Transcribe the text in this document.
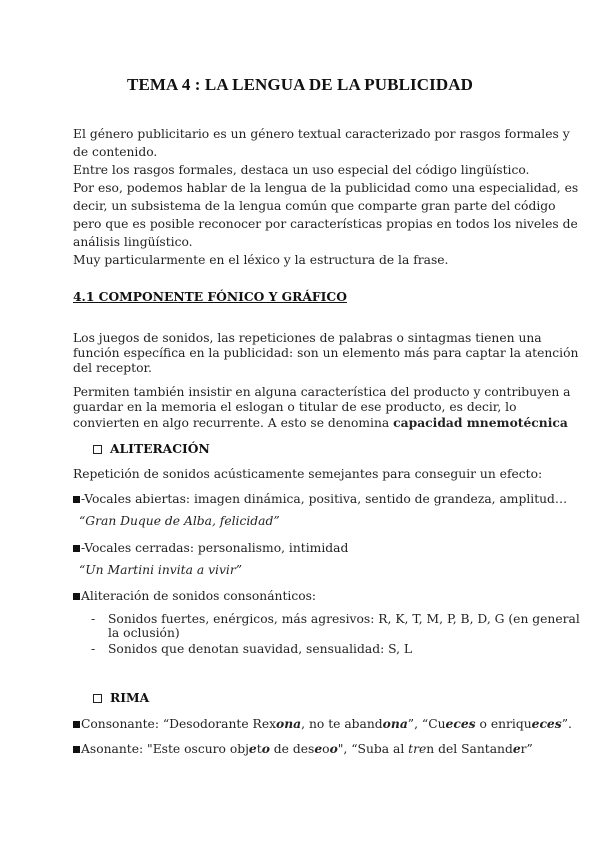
TEMA 4 : LA LENGUA DE LA PUBLICIDAD
El género publicitario es un género textual caracterizado por rasgos formales y
de contenido.
Entre los rasgos formales, destaca un uso especial del código lingüístico.
Por eso, podemos hablar de la lengua de la publicidad como una especialidad, es
decir, un subsistema de la lengua común que comparte gran parte del código
pero que es posible reconocer por características propias en todos los niveles de
análisis lingüístico.
Muy particularmente en el léxico y la estructura de la frase.
4.1 COMPONENTE FÓNICO Y GRÁFICO
Los juegos de sonidos, las repeticiones de palabras o sintagmas tienen una
función específica en la publicidad: son un elemento más para captar la atención
del receptor.
Permiten también insistir en alguna característica del producto y contribuyen a
guardar en la memoria el eslogan o titular de ese producto, es decir, lo
convierten en algo recurrente. A esto se denomina capacidad mnemotécnica
ALITERACIÓN
Repetición de sonidos acústicamente semejantes para conseguir un efecto:
-Vocales abiertas: imagen dinámica, positiva, sentido de grandeza, amplitud…
“Gran Duque de Alba, felicidad”
-Vocales cerradas: personalismo, intimidad
“Un Martini invita a vivir”
Aliteración de sonidos consonánticos:
- Sonidos fuertes, enérgicos, más agresivos: R, K, T, M, P, B, D, G (en general
la oclusión)
- Sonidos que denotan suavidad, sensualidad: S, L
RIMA
Consonante: “Desodorante Rexona, no te abandona”, “Cueces o enriqueces”.
Asonante: "Este oscuro objeto de deseoo", “Suba al tren del Santander”
